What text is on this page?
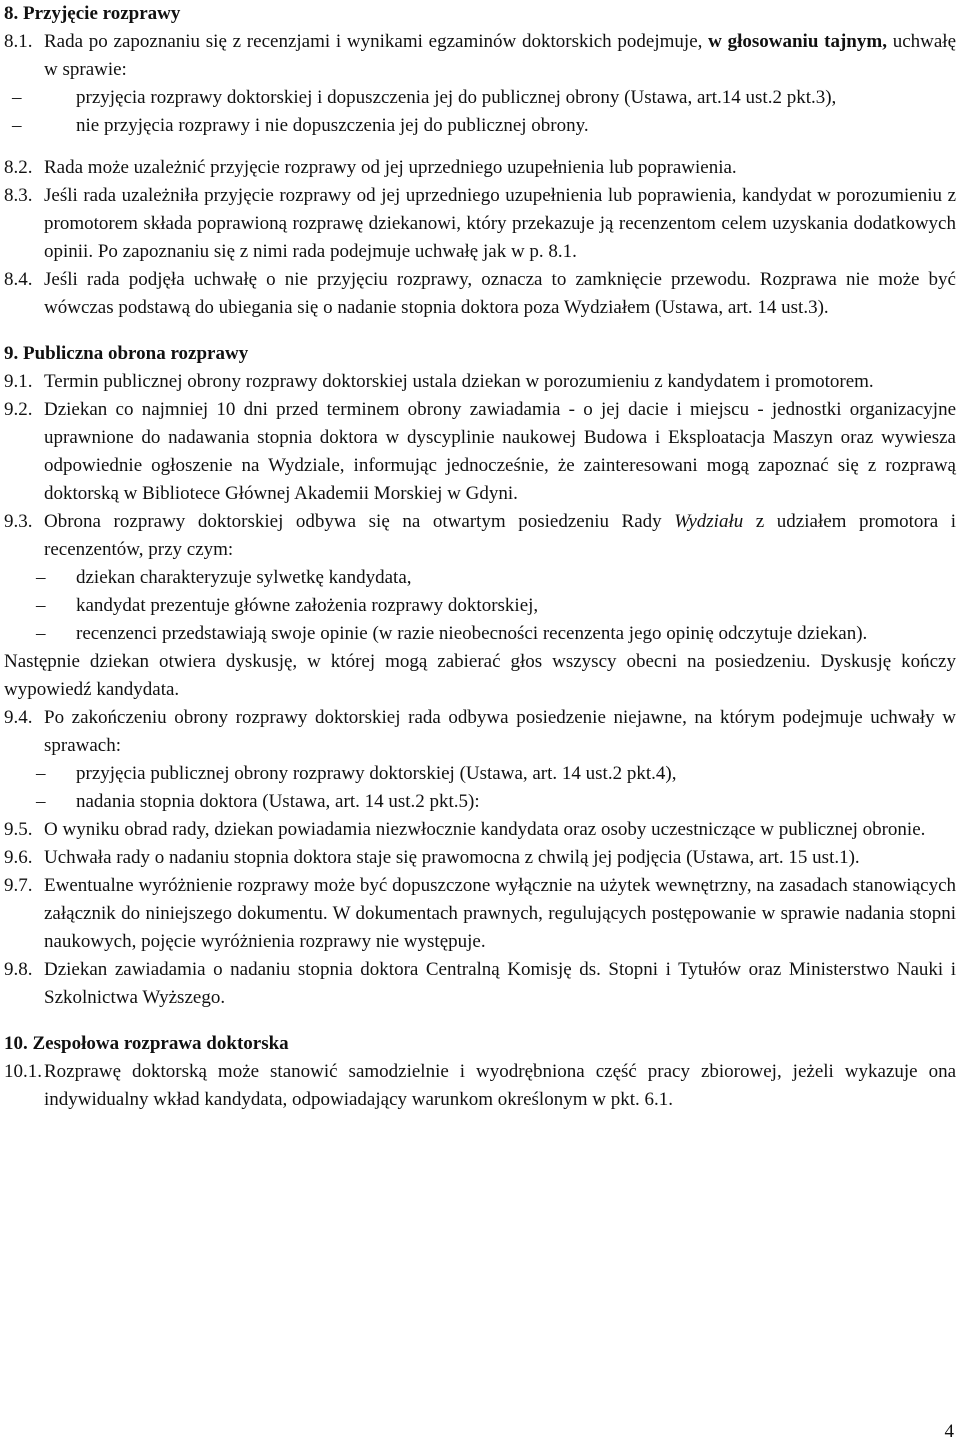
8. Przyjęcie rozprawy

8.1. Rada po zapoznaniu się z recenzjami i wynikami egzaminów doktorskich podejmuje, w głosowaniu tajnym, uchwałę w sprawie:

– przyjęcia rozprawy doktorskiej i dopuszczenia jej do publicznej obrony (Ustawa, art.14 ust.2 pkt.3),
– nie przyjęcia rozprawy i nie dopuszczenia jej do publicznej obrony.

8.2. Rada może uzależnić przyjęcie rozprawy od jej uprzedniego uzupełnienia lub poprawienia.

8.3. Jeśli rada uzależniła przyjęcie rozprawy od jej uprzedniego uzupełnienia lub poprawienia, kandydat w porozumieniu z promotorem składa poprawioną rozprawę dziekanowi, który przekazuje ją recenzentom celem uzyskania dodatkowych opinii. Po zapoznaniu się z nimi rada podejmuje uchwałę jak w p. 8.1.

8.4. Jeśli rada podjęła uchwałę o nie przyjęciu rozprawy, oznacza to zamknięcie przewodu. Rozprawa nie może być wówczas podstawą do ubiegania się o nadanie stopnia doktora poza Wydziałem (Ustawa, art. 14 ust.3).

9. Publiczna obrona rozprawy

9.1. Termin publicznej obrony rozprawy doktorskiej ustala dziekan w porozumieniu z kandydatem i promotorem.

9.2. Dziekan co najmniej 10 dni przed terminem obrony zawiadamia - o jej dacie i miejscu - jednostki organizacyjne uprawnione do nadawania stopnia doktora w dyscyplinie naukowej Budowa i Eksploatacja Maszyn oraz wywiesza odpowiednie ogłoszenie na Wydziale, informując jednocześnie, że zainteresowani mogą zapoznać się z rozprawą doktorską w Bibliotece Głównej Akademii Morskiej w Gdyni.

9.3. Obrona rozprawy doktorskiej odbywa się na otwartym posiedzeniu Rady Wydziału z udziałem promotora i recenzentów, przy czym:

– dziekan charakteryzuje sylwetkę kandydata,
– kandydat prezentuje główne założenia rozprawy doktorskiej,
– recenzenci przedstawiają swoje opinie (w razie nieobecności recenzenta jego opinię odczytuje dziekan).

Następnie dziekan otwiera dyskusję, w której mogą zabierać głos wszyscy obecni na posiedzeniu. Dyskusję kończy wypowiedź kandydata.

9.4. Po zakończeniu obrony rozprawy doktorskiej rada odbywa posiedzenie niejawne, na którym podejmuje uchwały w sprawach:

– przyjęcia publicznej obrony rozprawy doktorskiej (Ustawa, art. 14 ust.2 pkt.4),
– nadania stopnia doktora (Ustawa, art. 14 ust.2 pkt.5):

9.5. O wyniku obrad rady, dziekan powiadamia niezwłocznie kandydata oraz osoby uczestniczące w publicznej obronie.

9.6. Uchwała rady o nadaniu stopnia doktora staje się prawomocna z chwilą jej podjęcia (Ustawa, art. 15 ust.1).

9.7. Ewentualne wyróżnienie rozprawy może być dopuszczone wyłącznie na użytek wewnętrzny, na zasadach stanowiących załącznik do niniejszego dokumentu. W dokumentach prawnych, regulujących postępowanie w sprawie nadania stopni naukowych, pojęcie wyróżnienia rozprawy nie występuje.

9.8. Dziekan zawiadamia o nadaniu stopnia doktora Centralną Komisję ds. Stopni i Tytułów oraz Ministerstwo Nauki i Szkolnictwa Wyższego.

10. Zespołowa rozprawa doktorska

10.1. Rozprawę doktorską może stanowić samodzielnie i wyodrębniona część pracy zbiorowej, jeżeli wykazuje ona indywidualny wkład kandydata, odpowiadający warunkom określonym w pkt. 6.1.

4
